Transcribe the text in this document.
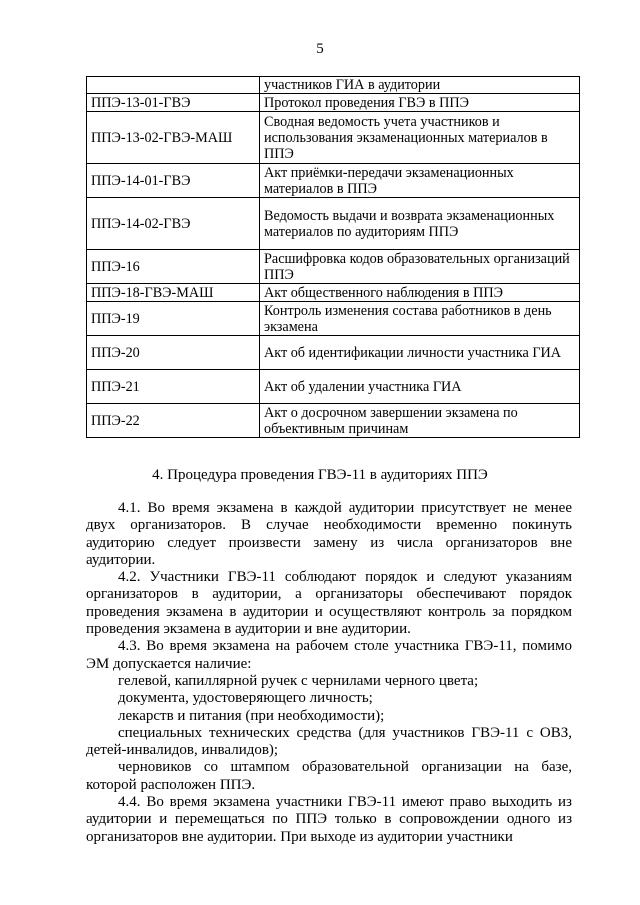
5
	участников ГИА в аудитории
ППЭ-13-01-ГВЭ	Протокол проведения ГВЭ в ППЭ
ППЭ-13-02-ГВЭ-МАШ	Сводная ведомость учета участников и использования экзаменационных материалов в ППЭ
ППЭ-14-01-ГВЭ	Акт приёмки-передачи экзаменационных материалов в ППЭ
ППЭ-14-02-ГВЭ	Ведомость выдачи и возврата экзаменационных материалов по аудиториям ППЭ
ППЭ-16	Расшифровка кодов образовательных организаций ППЭ
ППЭ-18-ГВЭ-МАШ	Акт общественного наблюдения в ППЭ
ППЭ-19	Контроль изменения состава работников в день экзамена
ППЭ-20	Акт об идентификации личности участника ГИА
ППЭ-21	Акт об удалении участника ГИА
ППЭ-22	Акт о досрочном завершении экзамена по объективным причинам
4. Процедура проведения ГВЭ-11 в аудиториях ППЭ

4.1. Во время экзамена в каждой аудитории присутствует не менее двух организаторов. В случае необходимости временно покинуть аудиторию следует произвести замену из числа организаторов вне аудитории.

4.2. Участники ГВЭ-11 соблюдают порядок и следуют указаниям организаторов в аудитории, а организаторы обеспечивают порядок проведения экзамена в аудитории и осуществляют контроль за порядком проведения экзамена в аудитории и вне аудитории.

4.3. Во время экзамена на рабочем столе участника ГВЭ-11, помимо ЭМ допускается наличие:

гелевой, капиллярной ручек с чернилами черного цвета;

документа, удостоверяющего личность;

лекарств и питания (при необходимости);

специальных технических средства (для участников ГВЭ-11 с ОВЗ, детей-инвалидов, инвалидов);

черновиков со штампом образовательной организации на базе, которой расположен ППЭ.

4.4. Во время экзамена участники ГВЭ-11 имеют право выходить из аудитории и перемещаться по ППЭ только в сопровождении одного из организаторов вне аудитории. При выходе из аудитории участники
